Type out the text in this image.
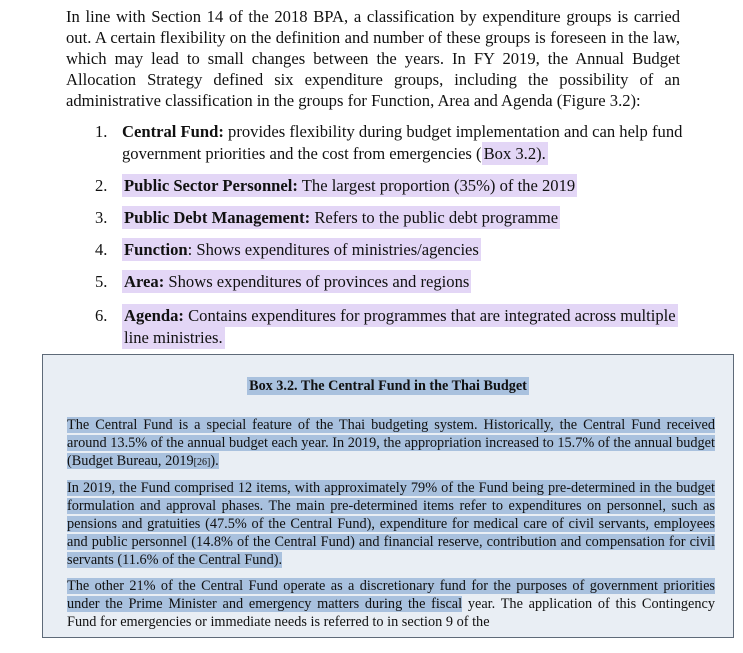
In line with Section 14 of the 2018 BPA, a classification by expenditure groups is carried out. A certain flexibility on the definition and number of these groups is foreseen in the law, which may lead to small changes between the years. In FY 2019, the Annual Budget Allocation Strategy defined six expenditure groups, including the possibility of an administrative classification in the groups for Function, Area and Agenda (Figure 3.2):

1. Central Fund: provides flexibility during budget implementation and can help fund government priorities and the cost from emergencies ( Box 3.2).
2. Public Sector Personnel: The largest proportion (35%) of the 2019
3. Public Debt Management: Refers to the public debt programme
4. Function: Shows expenditures of ministries/agencies
5. Area: Shows expenditures of provinces and regions
6. Agenda: Contains expenditures for programmes that are integrated across multiple line ministries.
Box 3.2. The Central Fund in the Thai Budget

The Central Fund is a special feature of the Thai budgeting system. Historically, the Central Fund received around 13.5% of the annual budget each year. In 2019, the appropriation increased to 15.7% of the annual budget (Budget Bureau, 2019[26]).

In 2019, the Fund comprised 12 items, with approximately 79% of the Fund being pre-determined in the budget formulation and approval phases. The main pre-determined items refer to expenditures on personnel, such as pensions and gratuities (47.5% of the Central Fund), expenditure for medical care of civil servants, employees and public personnel (14.8% of the Central Fund) and financial reserve, contribution and compensation for civil servants (11.6% of the Central Fund).

The other 21% of the Central Fund operate as a discretionary fund for the purposes of government priorities under the Prime Minister and emergency matters during the fiscal year. The application of this Contingency Fund for emergencies or immediate needs is referred to in section 9 of the
